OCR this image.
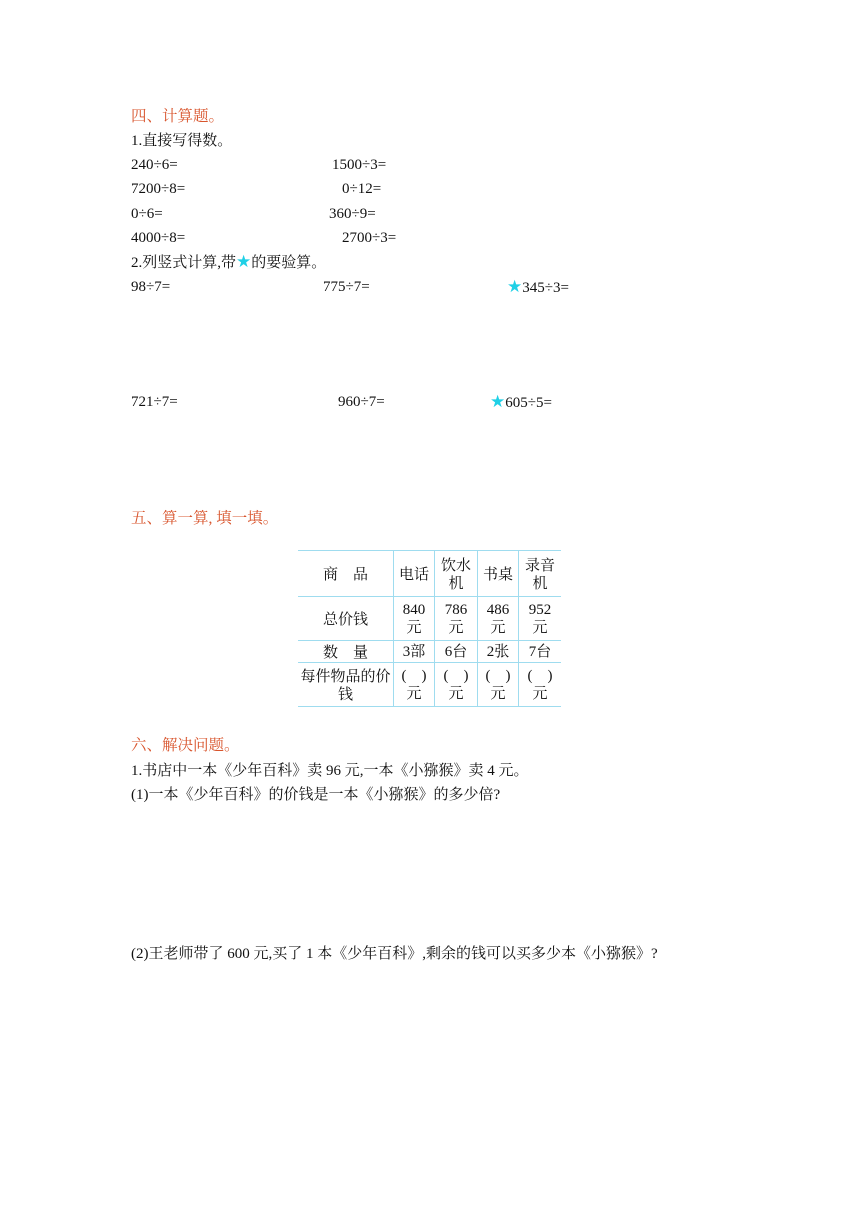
四、计算题。
1.直接写得数。
240÷6=	1500÷3=
7200÷8=	0÷12=
0÷6=	360÷9=
4000÷8=	2700÷3=
2.列竖式计算,带★的要验算。
98÷7=	775÷7=	★345÷3=
721÷7=	960÷7=	★605÷5=
五、算一算, 填一填。
商　品	电话	饮水机	书桌	录音机

总价钱	840元	786元	486元	952元

数　量	3部	6台	2张	7台

每件物品的价钱	(　)元	(　)元	(　)元	(　)元
六、解决问题。
1.书店中一本《少年百科》卖 96 元,一本《小猕猴》卖 4 元。
(1)一本《少年百科》的价钱是一本《小猕猴》的多少倍?
(2)王老师带了 600 元,买了 1 本《少年百科》,剩余的钱可以买多少本《小猕猴》?
